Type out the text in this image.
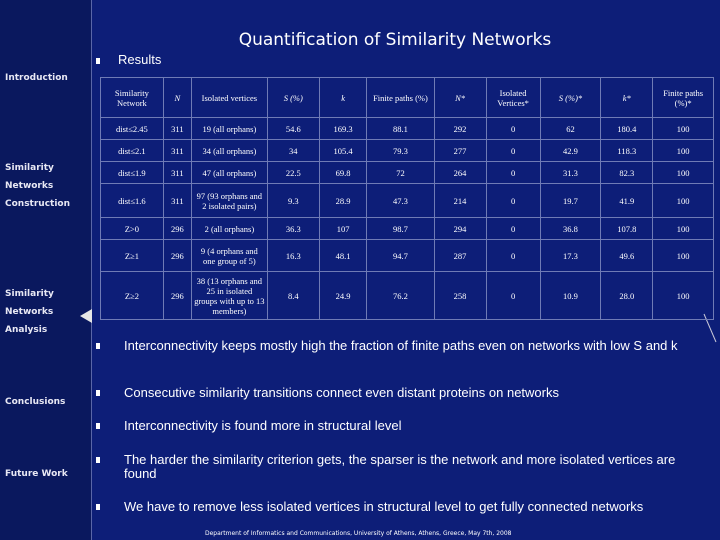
Introduction
Similarity
Networks
Construction
Similarity
Networks
Analysis
Conclusions
Future Work
Quantification of Similarity Networks
Results
Similarity Network	N	Isolated vertices	S (%)	k	Finite paths (%)	N*	Isolated Vertices*	S (%)*	k*	Finite paths (%)*
dist≤2.45	311	19 (all orphans)	54.6	169.3	88.1	292	0	62	180.4	100
dist≤2.1	311	34 (all orphans)	34	105.4	79.3	277	0	42.9	118.3	100
dist≤1.9	311	47 (all orphans)	22.5	69.8	72	264	0	31.3	82.3	100
dist≤1.6	311	97 (93 orphans and 2 isolated pairs)	9.3	28.9	47.3	214	0	19.7	41.9	100
Z>0	296	2 (all orphans)	36.3	107	98.7	294	0	36.8	107.8	100
Z≥1	296	9 (4 orphans and one group of 5)	16.3	48.1	94.7	287	0	17.3	49.6	100
Z≥2	296	38 (13 orphans and 25 in isolated groups with up to 13 members)	8.4	24.9	76.2	258	0	10.9	28.0	100
Interconnectivity keeps mostly high the fraction of finite paths even on networks with low S and k
Consecutive similarity transitions connect even distant proteins on networks
Interconnectivity is found more in structural level
The harder the similarity criterion gets, the sparser is the network and more isolated vertices are found
We have to remove less isolated vertices in structural level to get fully connected networks
Department of Informatics and Communications, University of Athens, Athens, Greece, May 7th, 2008
